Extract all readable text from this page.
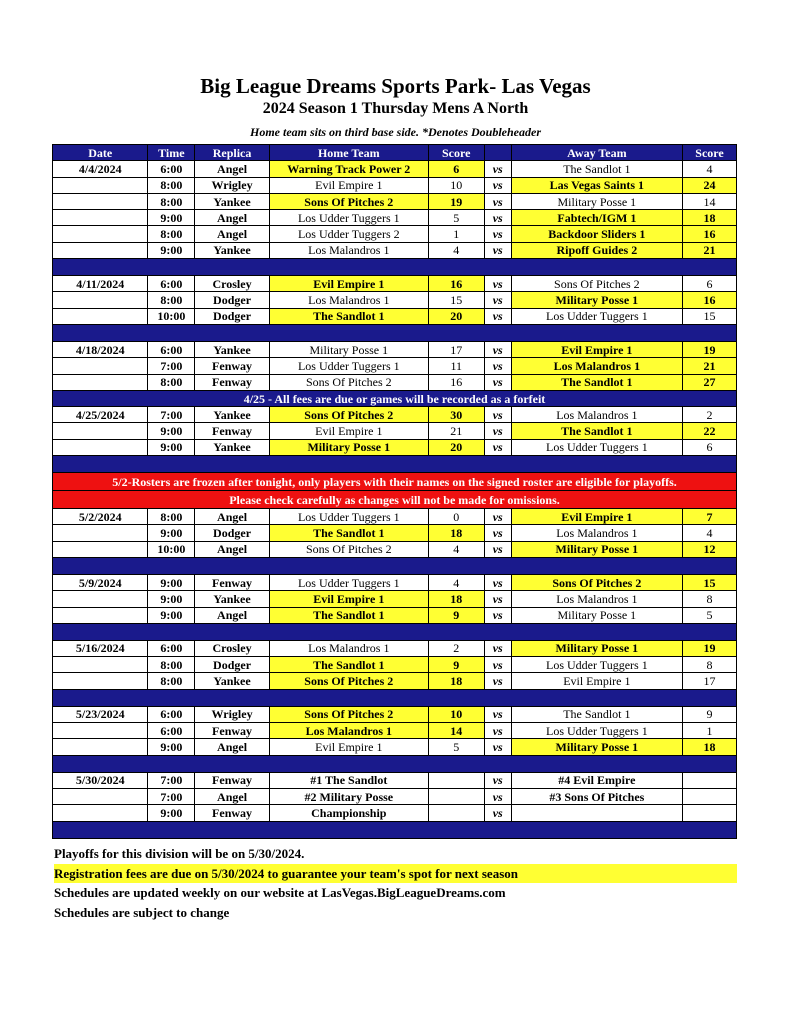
Big League Dreams Sports Park- Las Vegas
2024 Season 1 Thursday Mens A North
Home team sits on third base side. *Denotes Doubleheader
Date	Time	Replica	Home Team	Score		Away Team	Score
4/4/2024	6:00	Angel	Warning Track Power 2	6	vs	The Sandlot 1	4
	8:00	Wrigley	Evil Empire 1	10	vs	Las Vegas Saints 1	24
	8:00	Yankee	Sons Of Pitches 2	19	vs	Military Posse 1	14
	9:00	Angel	Los Udder Tuggers 1	5	vs	Fabtech/IGM 1	18
	8:00	Angel	Los Udder Tuggers 2	1	vs	Backdoor Sliders 1	16
	9:00	Yankee	Los Malandros 1	4	vs	Ripoff Guides 2	21

4/11/2024	6:00	Crosley	Evil Empire 1	16	vs	Sons Of Pitches 2	6
	8:00	Dodger	Los Malandros 1	15	vs	Military Posse 1	16
	10:00	Dodger	The Sandlot 1	20	vs	Los Udder Tuggers 1	15

4/18/2024	6:00	Yankee	Military Posse 1	17	vs	Evil Empire 1	19
	7:00	Fenway	Los Udder Tuggers 1	11	vs	Los Malandros 1	21
	8:00	Fenway	Sons Of Pitches 2	16	vs	The Sandlot 1	27
4/25 - All fees are due or games will be recorded as a forfeit							
4/25/2024	7:00	Yankee	Sons Of Pitches 2	30	vs	Los Malandros 1	2
	9:00	Fenway	Evil Empire 1	21	vs	The Sandlot 1	22
	9:00	Yankee	Military Posse 1	20	vs	Los Udder Tuggers 1	6

5/2-Rosters are frozen after tonight, only players with their names on the signed roster are eligible for playoffs.							
Please check carefully as changes will not be made for omissions.							
5/2/2024	8:00	Angel	Los Udder Tuggers 1	0	vs	Evil Empire 1	7
	9:00	Dodger	The Sandlot 1	18	vs	Los Malandros 1	4
	10:00	Angel	Sons Of Pitches 2	4	vs	Military Posse 1	12

5/9/2024	9:00	Fenway	Los Udder Tuggers 1	4	vs	Sons Of Pitches 2	15
	9:00	Yankee	Evil Empire 1	18	vs	Los Malandros 1	8
	9:00	Angel	The Sandlot 1	9	vs	Military Posse 1	5

5/16/2024	6:00	Crosley	Los Malandros 1	2	vs	Military Posse 1	19
	8:00	Dodger	The Sandlot 1	9	vs	Los Udder Tuggers 1	8
	8:00	Yankee	Sons Of Pitches 2	18	vs	Evil Empire 1	17

5/23/2024	6:00	Wrigley	Sons Of Pitches 2	10	vs	The Sandlot 1	9
	6:00	Fenway	Los Malandros 1	14	vs	Los Udder Tuggers 1	1
	9:00	Angel	Evil Empire 1	5	vs	Military Posse 1	18

5/30/2024	7:00	Fenway	#1 The Sandlot		vs	#4 Evil Empire	
	7:00	Angel	#2 Military Posse		vs	#3 Sons Of Pitches	
	9:00	Fenway	Championship		vs		

Playoffs for this division will be on 5/30/2024.
Registration fees are due on 5/30/2024 to guarantee your team's spot for next season
Schedules are updated weekly on our website at LasVegas.BigLeagueDreams.com
Schedules are subject to change
